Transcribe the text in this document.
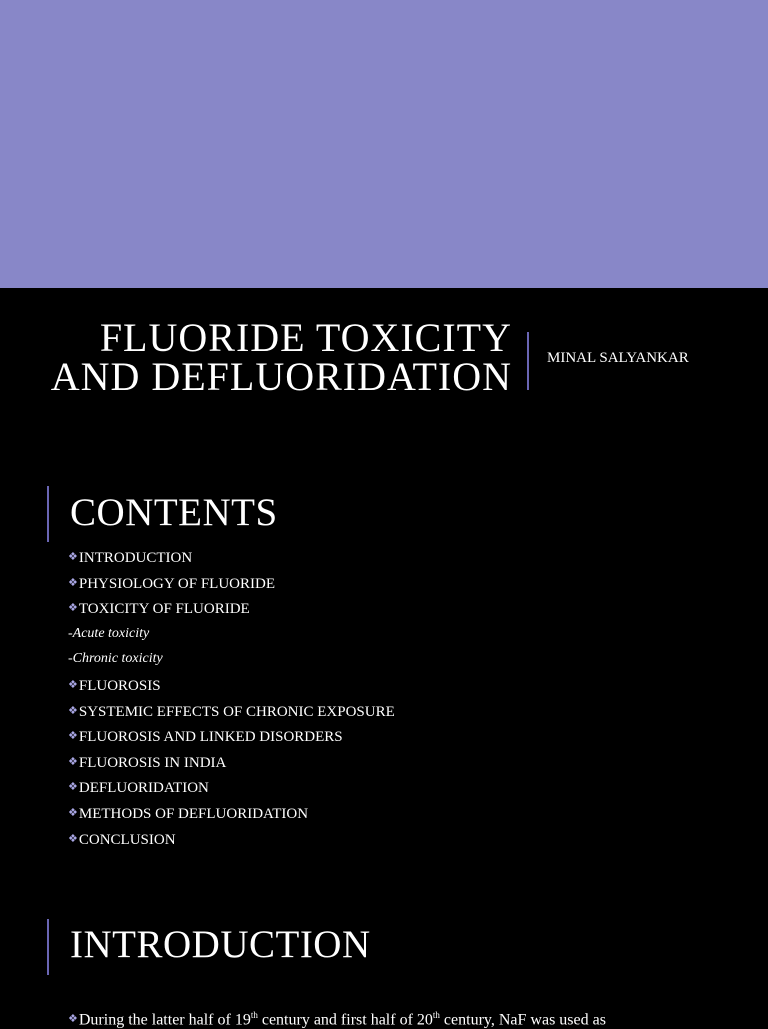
FLUORIDE TOXICITY
AND DEFLUORIDATION MINAL SALYANKAR
CONTENTS
❖INTRODUCTION
❖PHYSIOLOGY OF FLUORIDE
❖TOXICITY OF FLUORIDE
-Acute toxicity
-Chronic toxicity
❖FLUOROSIS
❖SYSTEMIC EFFECTS OF CHRONIC EXPOSURE
❖FLUOROSIS AND LINKED DISORDERS
❖FLUOROSIS IN INDIA
❖DEFLUORIDATION
❖METHODS OF DEFLUORIDATION
❖CONCLUSION
INTRODUCTION
❖During the latter half of 19th century and first half of 20th century, NaF was used as
